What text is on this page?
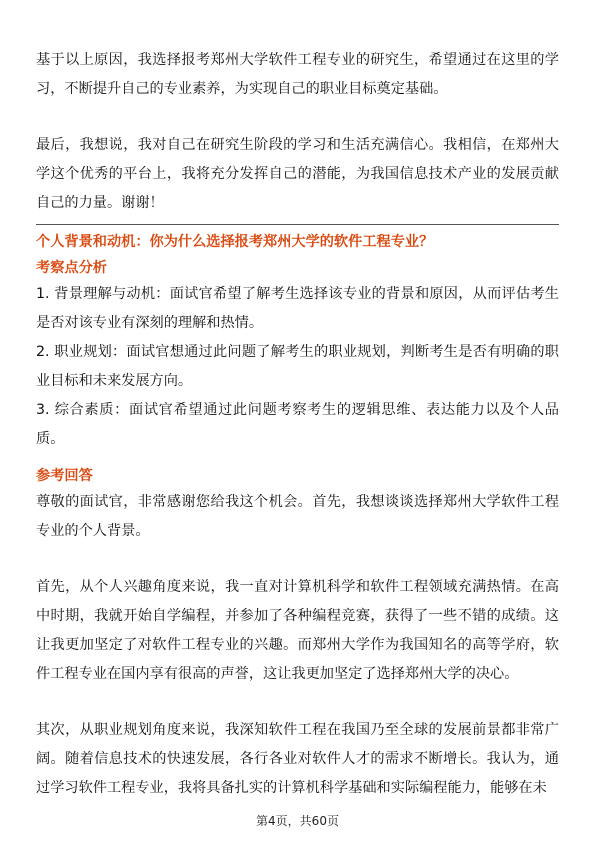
基于以上原因，我选择报考郑州大学软件工程专业的研究生，希望通过在这里的学习，不断提升自己的专业素养，为实现自己的职业目标奠定基础。

最后，我想说，我对自己在研究生阶段的学习和生活充满信心。我相信，在郑州大学这个优秀的平台上，我将充分发挥自己的潜能，为我国信息技术产业的发展贡献自己的力量。谢谢！

个人背景和动机：你为什么选择报考郑州大学的软件工程专业？

考察点分析

1. 背景理解与动机：面试官希望了解考生选择该专业的背景和原因，从而评估考生是否对该专业有深刻的理解和热情。

2. 职业规划：面试官想通过此问题了解考生的职业规划，判断考生是否有明确的职业目标和未来发展方向。

3. 综合素质：面试官希望通过此问题考察考生的逻辑思维、表达能力以及个人品质。

参考回答

尊敬的面试官，非常感谢您给我这个机会。首先，我想谈谈选择郑州大学软件工程专业的个人背景。

首先，从个人兴趣角度来说，我一直对计算机科学和软件工程领域充满热情。在高中时期，我就开始自学编程，并参加了各种编程竞赛，获得了一些不错的成绩。这让我更加坚定了对软件工程专业的兴趣。而郑州大学作为我国知名的高等学府，软件工程专业在国内享有很高的声誉，这让我更加坚定了选择郑州大学的决心。

其次，从职业规划角度来说，我深知软件工程在我国乃至全球的发展前景都非常广阔。随着信息技术的快速发展，各行各业对软件人才的需求不断增长。我认为，通过学习软件工程专业，我将具备扎实的计算机科学基础和实际编程能力，能够在未

第4页，共60页
